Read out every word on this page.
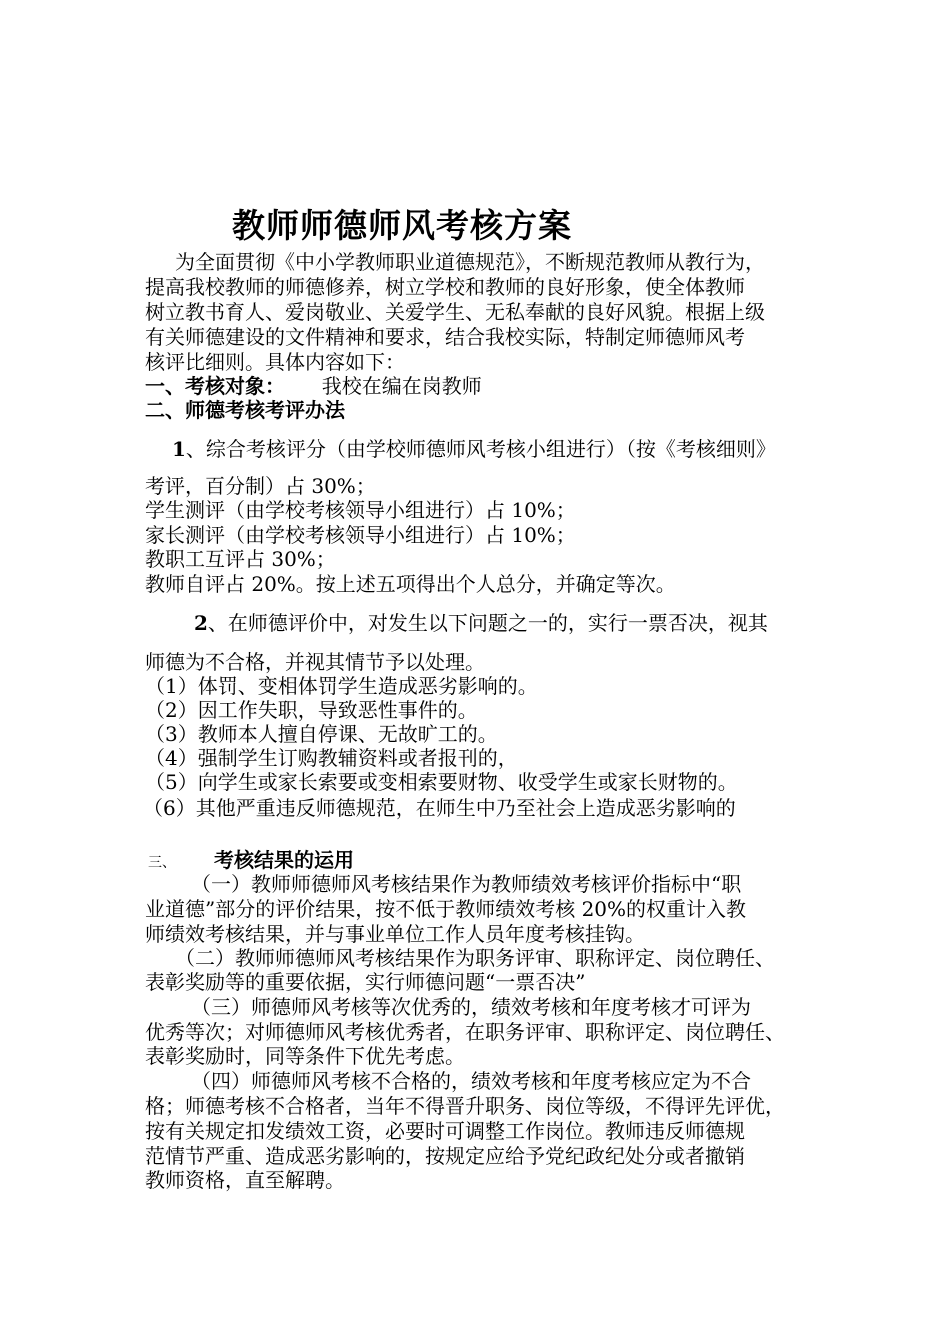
教师师德师风考核方案
为全面贯彻《中小学教师职业道德规范》，不断规范教师从教行为，
提高我校教师的师德修养，树立学校和教师的良好形象，使全体教师
树立教书育人、爱岗敬业、关爱学生、无私奉献的良好风貌。根据上级
有关师德建设的文件精神和要求，结合我校实际，特制定师德师风考
核评比细则。具体内容如下：
一、考核对象： 我校在编在岗教师
二、师德考核考评办法
1、综合考核评分（由学校师德师风考核小组进行）（按《考核细则》
考评，百分制）占 30%；
学生测评（由学校考核领导小组进行）占 10%；
家长测评（由学校考核领导小组进行）占 10%；
教职工互评占 30%；
教师自评占 20%。按上述五项得出个人总分，并确定等次。
2、在师德评价中，对发生以下问题之一的，实行一票否决，视其
师德为不合格，并视其情节予以处理。
（1）体罚、变相体罚学生造成恶劣影响的。
（2）因工作失职，导致恶性事件的。
（3）教师本人擅自停课、无故旷工的。
（4）强制学生订购教辅资料或者报刊的，
（5）向学生或家长索要或变相索要财物、收受学生或家长财物的。
（6）其他严重违反师德规范，在师生中乃至社会上造成恶劣影响的
三、 考核结果的运用
（一）教师师德师风考核结果作为教师绩效考核评价指标中“职
业道德”部分的评价结果，按不低于教师绩效考核 20%的权重计入教
师绩效考核结果，并与事业单位工作人员年度考核挂钩。
（二）教师师德师风考核结果作为职务评审、职称评定、岗位聘任、
表彰奖励等的重要依据，实行师德问题“一票否决”
（三）师德师风考核等次优秀的，绩效考核和年度考核才可评为
优秀等次；对师德师风考核优秀者，在职务评审、职称评定、岗位聘任、
表彰奖励时，同等条件下优先考虑。
（四）师德师风考核不合格的，绩效考核和年度考核应定为不合
格；师德考核不合格者，当年不得晋升职务、岗位等级，不得评先评优，
按有关规定扣发绩效工资，必要时可调整工作岗位。教师违反师德规
范情节严重、造成恶劣影响的，按规定应给予党纪政纪处分或者撤销
教师资格，直至解聘。
